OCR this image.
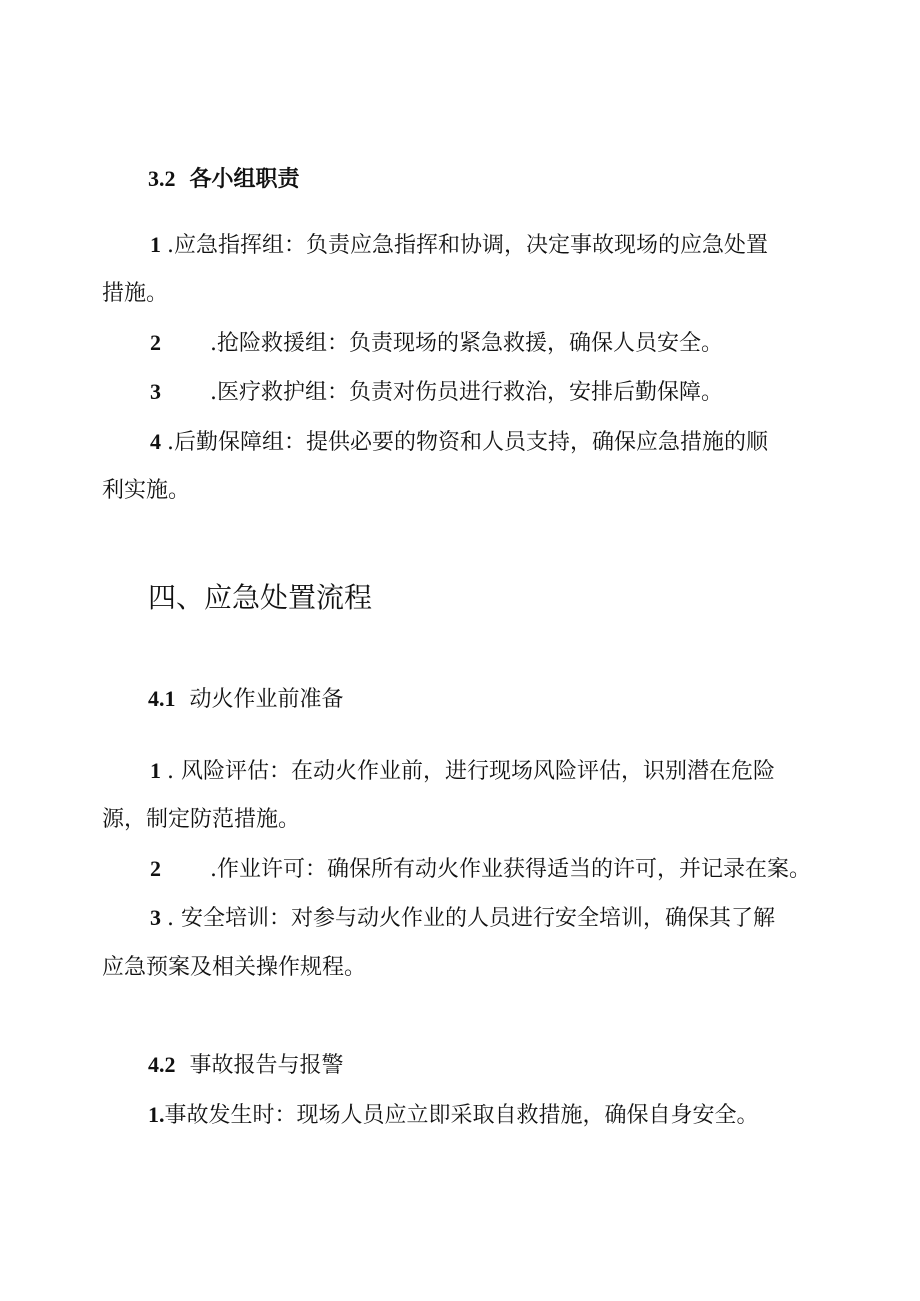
3.2 各小组职责
1 .应急指挥组：负责应急指挥和协调，决定事故现场的应急处置
措施。
2 .抢险救援组：负责现场的紧急救援，确保人员安全。
3 .医疗救护组：负责对伤员进行救治，安排后勤保障。
4 .后勤保障组：提供必要的物资和人员支持，确保应急措施的顺
利实施。
四、应急处置流程
4.1 动火作业前准备
1 . 风险评估：在动火作业前，进行现场风险评估，识别潜在危险
源，制定防范措施。
2 .作业许可：确保所有动火作业获得适当的许可，并记录在案。
3 . 安全培训：对参与动火作业的人员进行安全培训，确保其了解
应急预案及相关操作规程。
4.2 事故报告与报警
1.事故发生时：现场人员应立即采取自救措施，确保自身安全。
